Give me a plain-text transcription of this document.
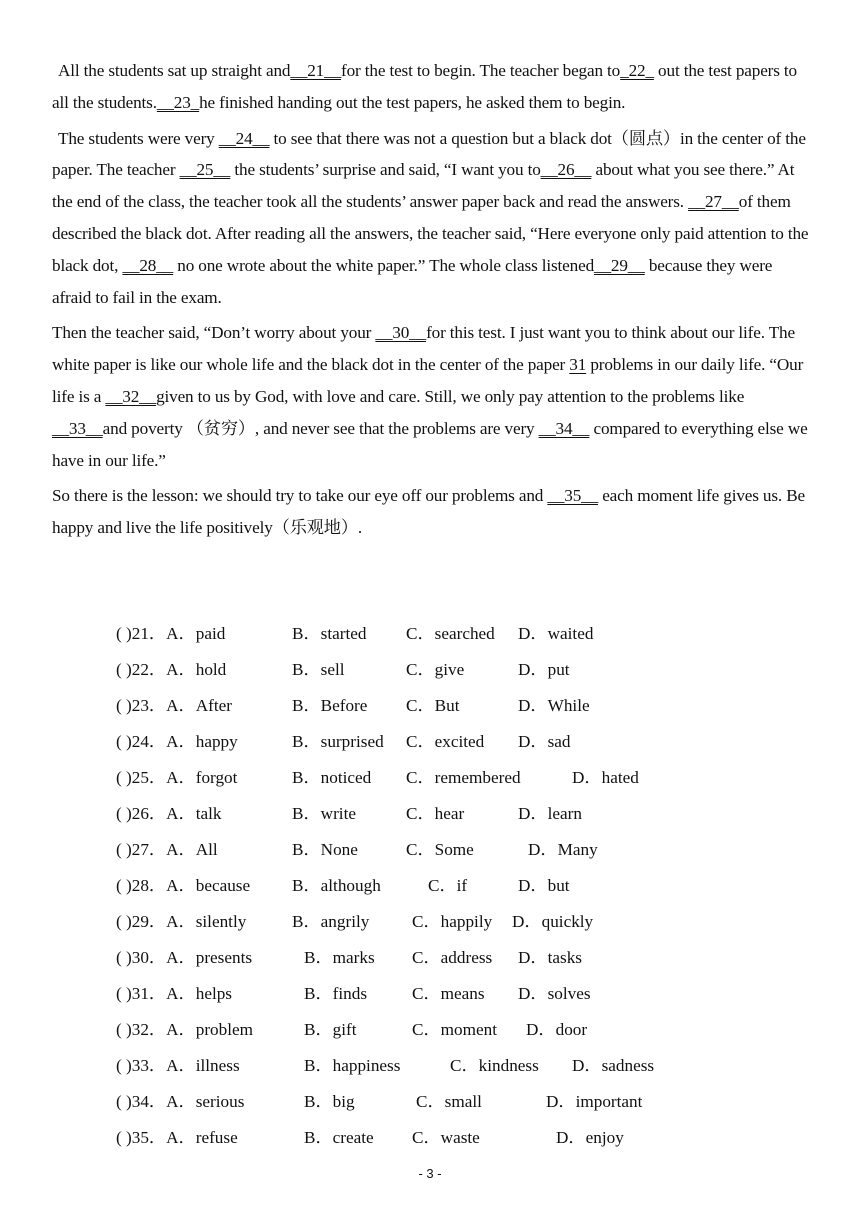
All the students sat up straight and__21__for the test to begin. The teacher began to_22_ out the test papers to all the students.__23_he finished handing out the test papers, he asked them to begin.

The students were very __24__ to see that there was not a question but a black dot（圆点）in the center of the paper. The teacher __25__ the students’ surprise and said, “I want you to__26__ about what you see there.” At the end of the class, the teacher took all the students’ answer paper back and read the answers. __27__of them described the black dot. After reading all the answers, the teacher said, “Here everyone only paid attention to the black dot, __28__ no one wrote about the white paper.” The whole class listened__29__ because they were afraid to fail in the exam.

Then the teacher said, “Don’t worry about your __30__for this test. I just want you to think about our life. The white paper is like our whole life and the black dot in the center of the paper 31 problems in our daily life. “Our life is a __32__given to us by God, with love and care. Still, we only pay attention to the problems like __33__and poverty （贫穷）, and never see that the problems are very __34__ compared to everything else we have in our life.”

So there is the lesson: we should try to take our eye off our problems and __35__ each moment life gives us. Be happy and live the life positively（乐观地）.

( )21．A．paid	B．started C．searched D．waited
( )22．A．hold	B．sell	C．give	D．put
( )23．A．After	B．Before C．But	D．While
( )24．A．happy	B．surprised C．excited D．sad
( )25．A．forgot	B．noticed C．remembered	D．hated
( )26．A．talk	B．write	C．hear	D．learn
( )27．A．All	B．None	C．Some	D．Many
( )28．A．because B．although	C．if	D．but
( )29．A．silently	B．angrily C．happily D．quickly
( )30．A．presents	B．marks C．address D．tasks
( )31．A．helps	B．finds	C．means D．solves
( )32．A．problem	B．gift	C．moment D．door
( )33．A．illness	B．happiness	C．kindness D．sadness
( )34．A．serious	B．big	C．small	D．important
( )35．A．refuse	B．create C．waste	D．enjoy
- 3 -
